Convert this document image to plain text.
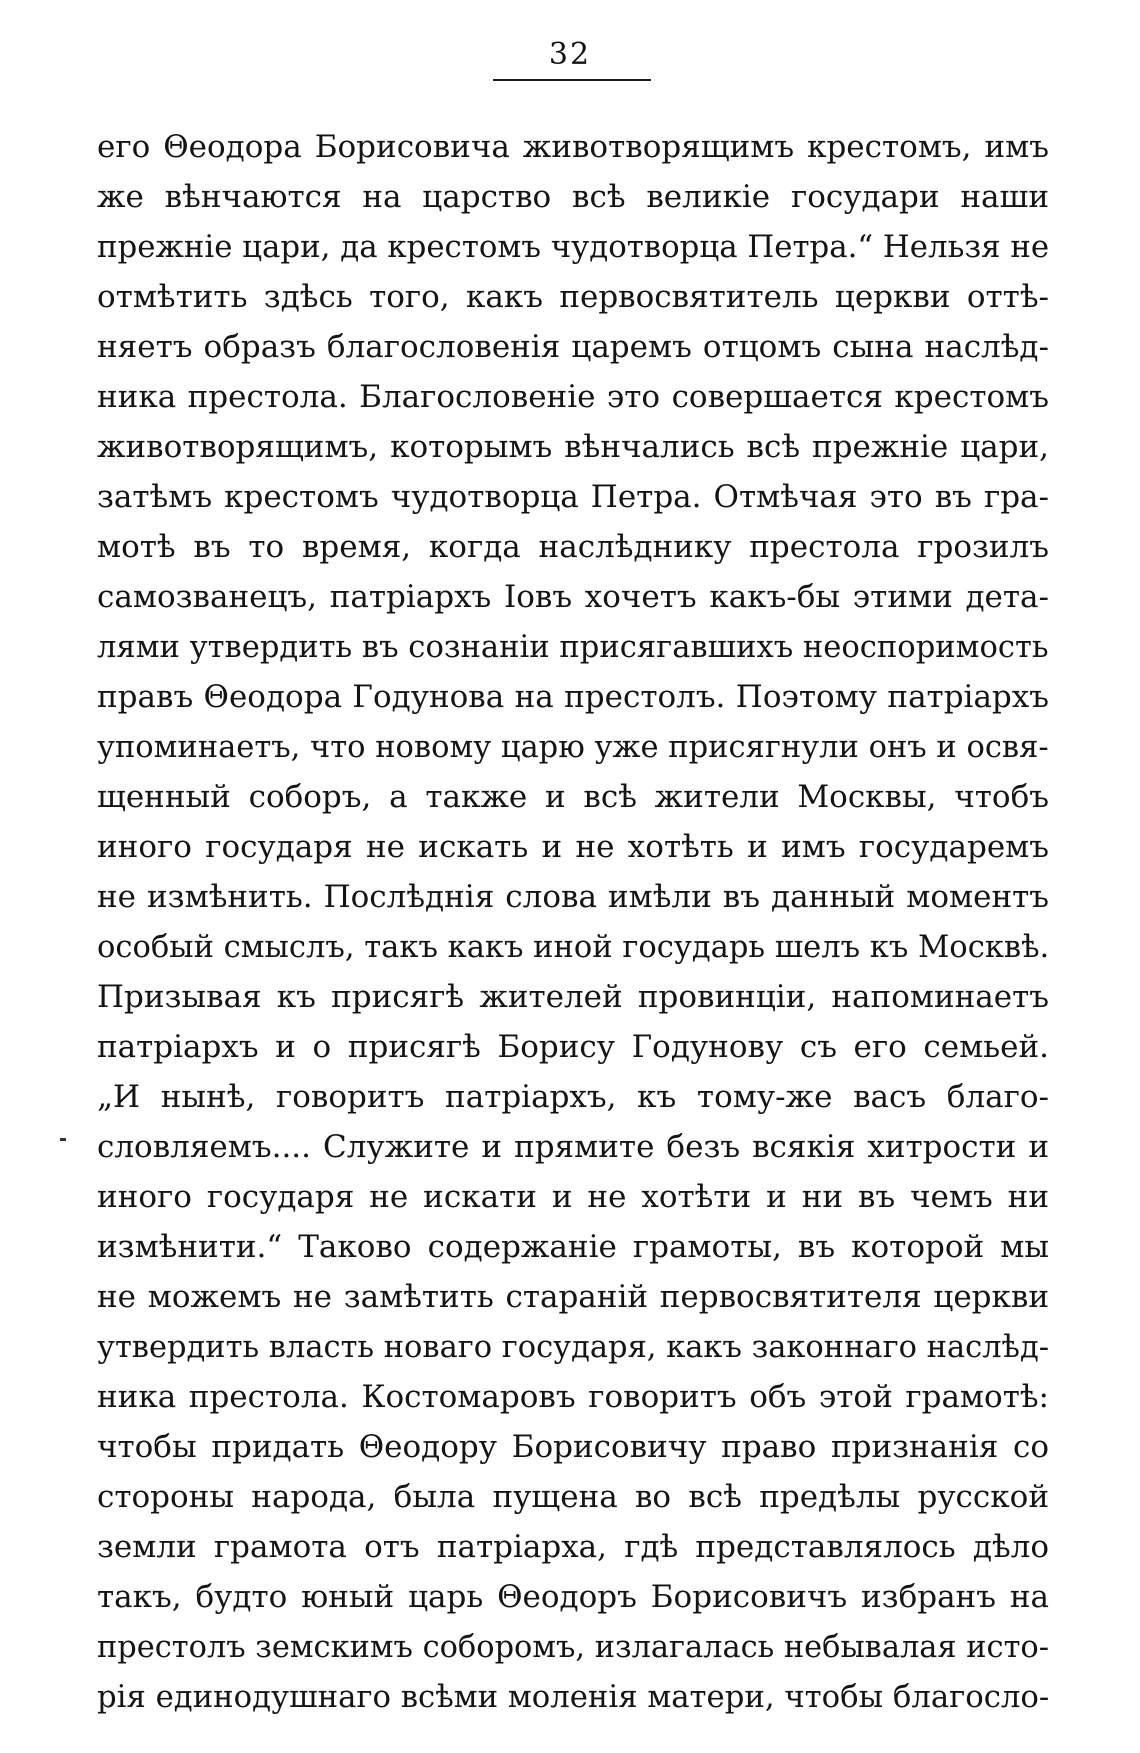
32
его Θеодора Борисовича животворящимъ крестомъ, имъ
же вѣнчаются на царство всѣ великіе государи наши
прежніе цари, да крестомъ чудотворца Петра.“ Нельзя не
отмѣтить здѣсь того, какъ первосвятитель церкви оттѣ-
няетъ образъ благословенія царемъ отцомъ сына наслѣд-
ника престола. Благословеніе это совершается крестомъ
животворящимъ, которымъ вѣнчались всѣ прежніе цари,
затѣмъ крестомъ чудотворца Петра. Отмѣчая это въ гра-
мотѣ въ то время, когда наслѣднику престола грозилъ
самозванецъ, патріархъ Іовъ хочетъ какъ-бы этими дета-
лями утвердить въ сознаніи присягавшихъ неоспоримость
правъ Θеодора Годунова на престолъ. Поэтому патріархъ
упоминаетъ, что новому царю уже присягнули онъ и освя-
щенный соборъ, а также и всѣ жители Москвы, чтобъ
иного государя не искать и не хотѣть и имъ государемъ
не измѣнить. Послѣднія слова имѣли въ данный моментъ
особый смыслъ, такъ какъ иной государь шелъ къ Москвѣ.
Призывая къ присягѣ жителей провинціи, напоминаетъ
патріархъ и о присягѣ Борису Годунову съ его семьей.
„И нынѣ, говоритъ патріархъ, къ тому-же васъ благо-
словляемъ.... Служите и прямите безъ всякія хитрости и
иного государя не искати и не хотѣти и ни въ чемъ ни
измѣнити.“ Таково содержаніе грамоты, въ которой мы
не можемъ не замѣтить стараній первосвятителя церкви
утвердить власть новаго государя, какъ законнаго наслѣд-
ника престола. Костомаровъ говоритъ объ этой грамотѣ:
чтобы придать Θеодору Борисовичу право признанія со
стороны народа, была пущена во всѣ предѣлы русской
земли грамота отъ патріарха, гдѣ представлялось дѣло
такъ, будто юный царь Θеодоръ Борисовичъ избранъ на
престолъ земскимъ соборомъ, излагалась небывалая исто-
рія единодушнаго всѣми моленія матери, чтобы благосло-
